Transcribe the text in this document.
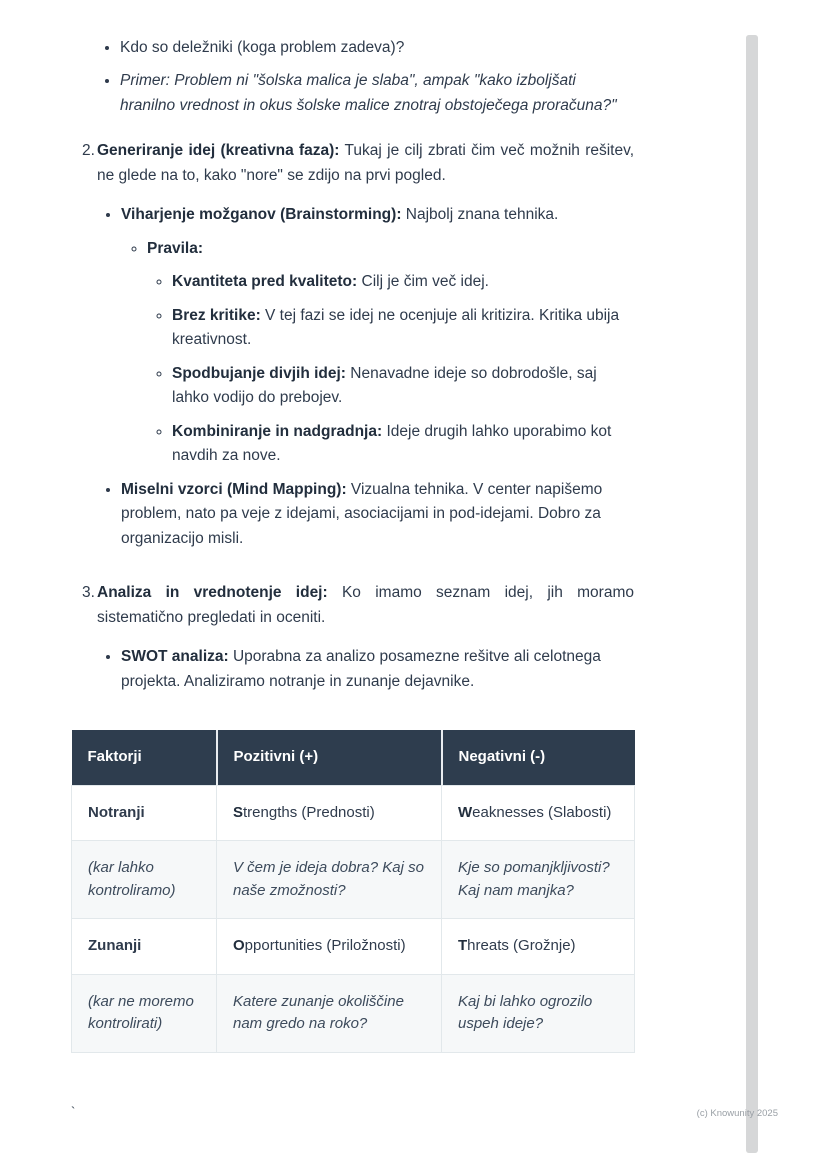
• Kdo so deležniki (koga problem zadeva)?
• Primer: Problem ni "šolska malica je slaba", ampak "kako izboljšati hranilno vrednost in okus šolske malice znotraj obstoječega proračuna?"
2. Generiranje idej (kreativna faza): Tukaj je cilj zbrati čim več možnih rešitev, ne glede na to, kako "nore" se zdijo na prvi pogled.

• Viharjenje možganov (Brainstorming): Najbolj znana tehnika.

◦ Pravila:

◦ Kvantiteta pred kvaliteto: Cilj je čim več idej.

◦ Brez kritike: V tej fazi se idej ne ocenjuje ali kritizira. Kritika ubija kreativnost.

◦ Spodbujanje divjih idej: Nenavadne ideje so dobrodošle, saj lahko vodijo do prebojev.

◦ Kombiniranje in nadgradnja: Ideje drugih lahko uporabimo kot navdih za nove.

• Miselni vzorci (Mind Mapping): Vizualna tehnika. V center napišemo problem, nato pa veje z idejami, asociacijami in pod-idejami. Dobro za organizacijo misli.

3. Analiza in vrednotenje idej: Ko imamo seznam idej, jih moramo sistematično pregledati in oceniti.

• SWOT analiza: Uporabna za analizo posamezne rešitve ali celotnega projekta. Analiziramo notranje in zunanje dejavnike.

Faktorji	Pozitivni (+)	Negativni (-)
Notranji	Strengths (Prednosti)	Weaknesses (Slabosti)
(kar lahko kontroliramo)	V čem je ideja dobra? Kaj so naše zmožnosti?	Kje so pomanjkljivosti? Kaj nam manjka?
Zunanji	Opportunities (Priložnosti)	Threats (Grožnje)
(kar ne moremo kontrolirati)	Katere zunanje okoliščine nam gredo na roko?	Kaj bi lahko ogrozilo uspeh ideje?
`	(c) Knowunity 2025
